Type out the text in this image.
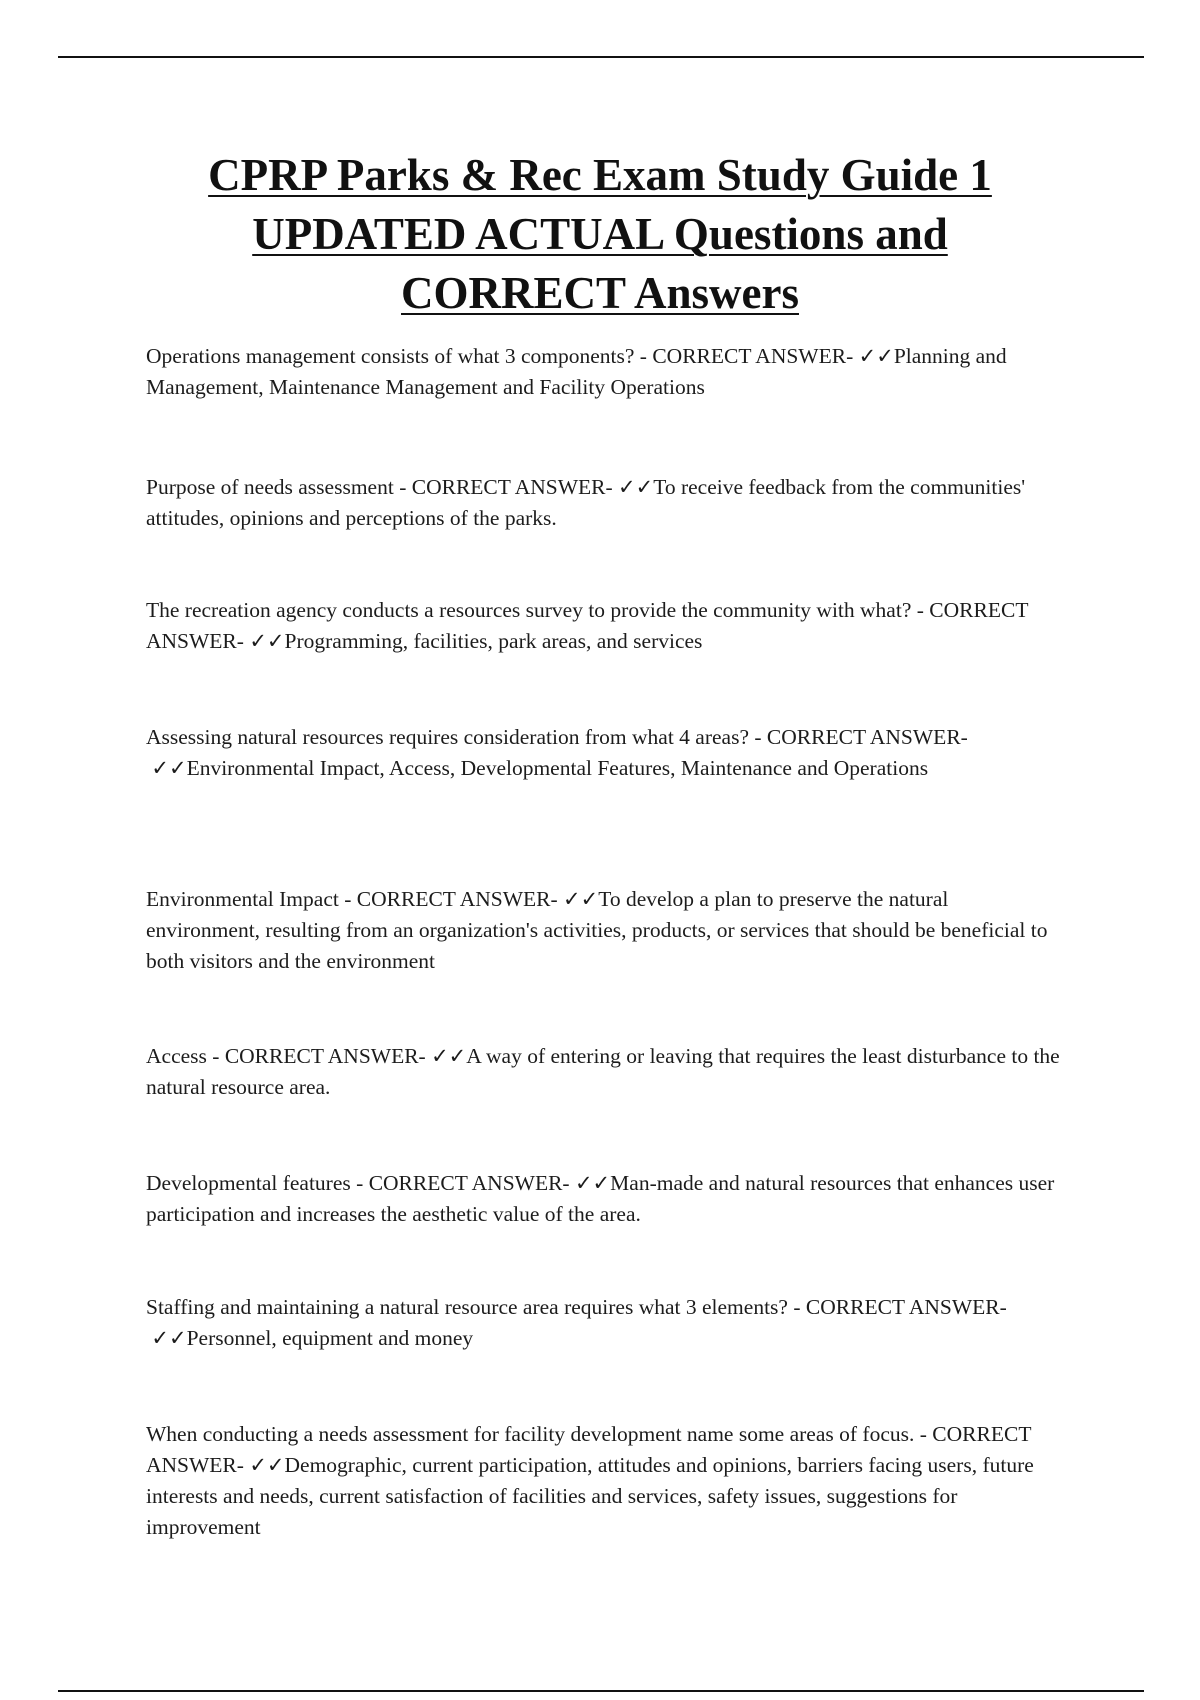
CPRP Parks & Rec Exam Study Guide 1
UPDATED ACTUAL Questions and
CORRECT Answers

Operations management consists of what 3 components? - CORRECT ANSWER- ✓✓Planning and Management, Maintenance Management and Facility Operations

Purpose of needs assessment - CORRECT ANSWER- ✓✓To receive feedback from the communities' attitudes, opinions and perceptions of the parks.

The recreation agency conducts a resources survey to provide the community with what? - CORRECT ANSWER- ✓✓Programming, facilities, park areas, and services

Assessing natural resources requires consideration from what 4 areas? - CORRECT ANSWER- ✓✓Environmental Impact, Access, Developmental Features, Maintenance and Operations

Environmental Impact - CORRECT ANSWER- ✓✓To develop a plan to preserve the natural environment, resulting from an organization's activities, products, or services that should be beneficial to both visitors and the environment

Access - CORRECT ANSWER- ✓✓A way of entering or leaving that requires the least disturbance to the natural resource area.

Developmental features - CORRECT ANSWER- ✓✓Man-made and natural resources that enhances user participation and increases the aesthetic value of the area.

Staffing and maintaining a natural resource area requires what 3 elements? - CORRECT ANSWER- ✓✓Personnel, equipment and money

When conducting a needs assessment for facility development name some areas of focus. - CORRECT ANSWER- ✓✓Demographic, current participation, attitudes and opinions, barriers facing users, future interests and needs, current satisfaction of facilities and services, safety issues, suggestions for improvement
